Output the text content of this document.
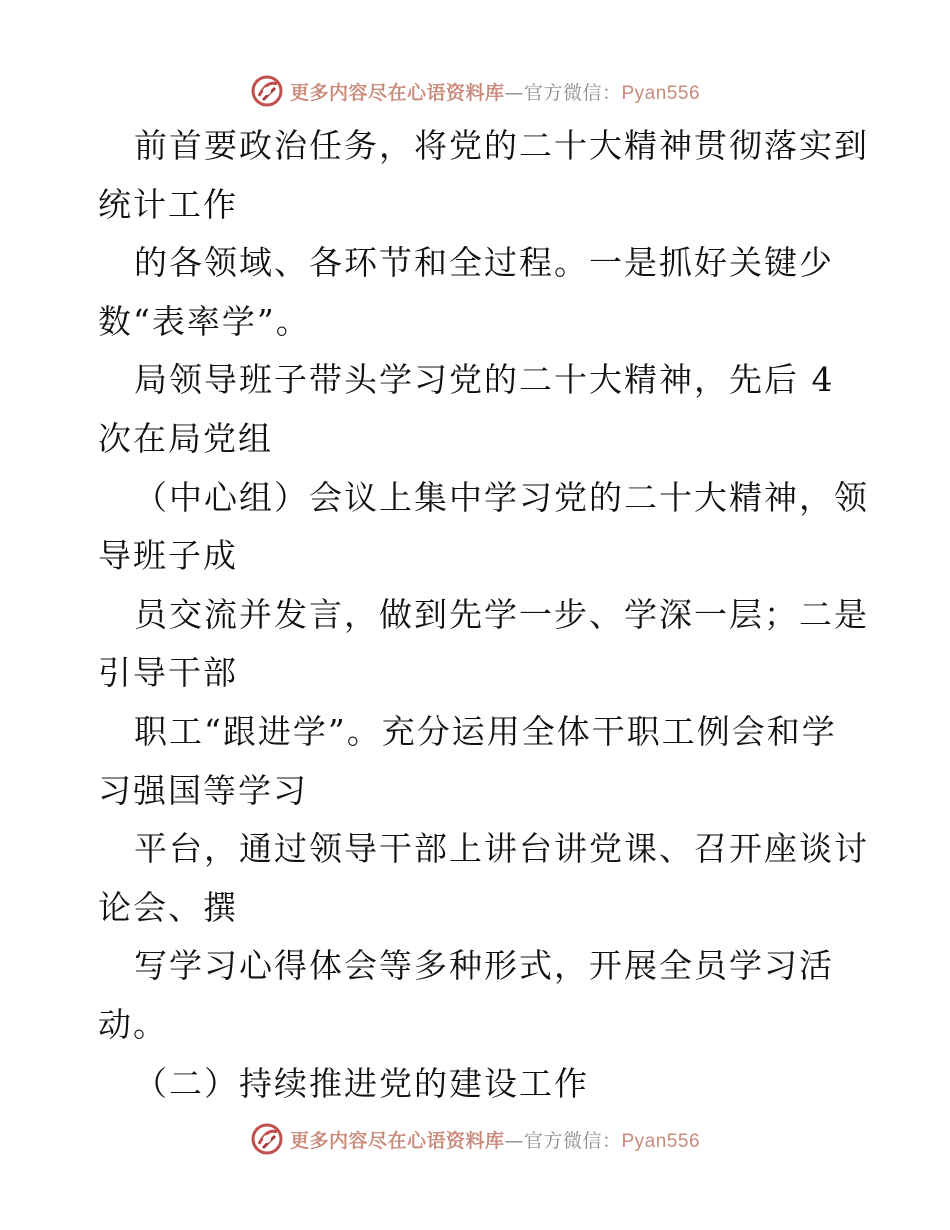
更多内容尽在心语资料库—官方微信：Pyan556
前首要政治任务，将党的二十大精神贯彻落实到
统计工作
的各领域、各环节和全过程。一是抓好关键少
数“表率学”。
局领导班子带头学习党的二十大精神，先后 4
次在局党组
（中心组）会议上集中学习党的二十大精神，领
导班子成
员交流并发言，做到先学一步、学深一层；二是
引导干部
职工“跟进学”。充分运用全体干职工例会和学
习强国等学习
平台，通过领导干部上讲台讲党课、召开座谈讨
论会、撰
写学习心得体会等多种形式，开展全员学习活
动。
（二）持续推进党的建设工作
更多内容尽在心语资料库—官方微信：Pyan556
